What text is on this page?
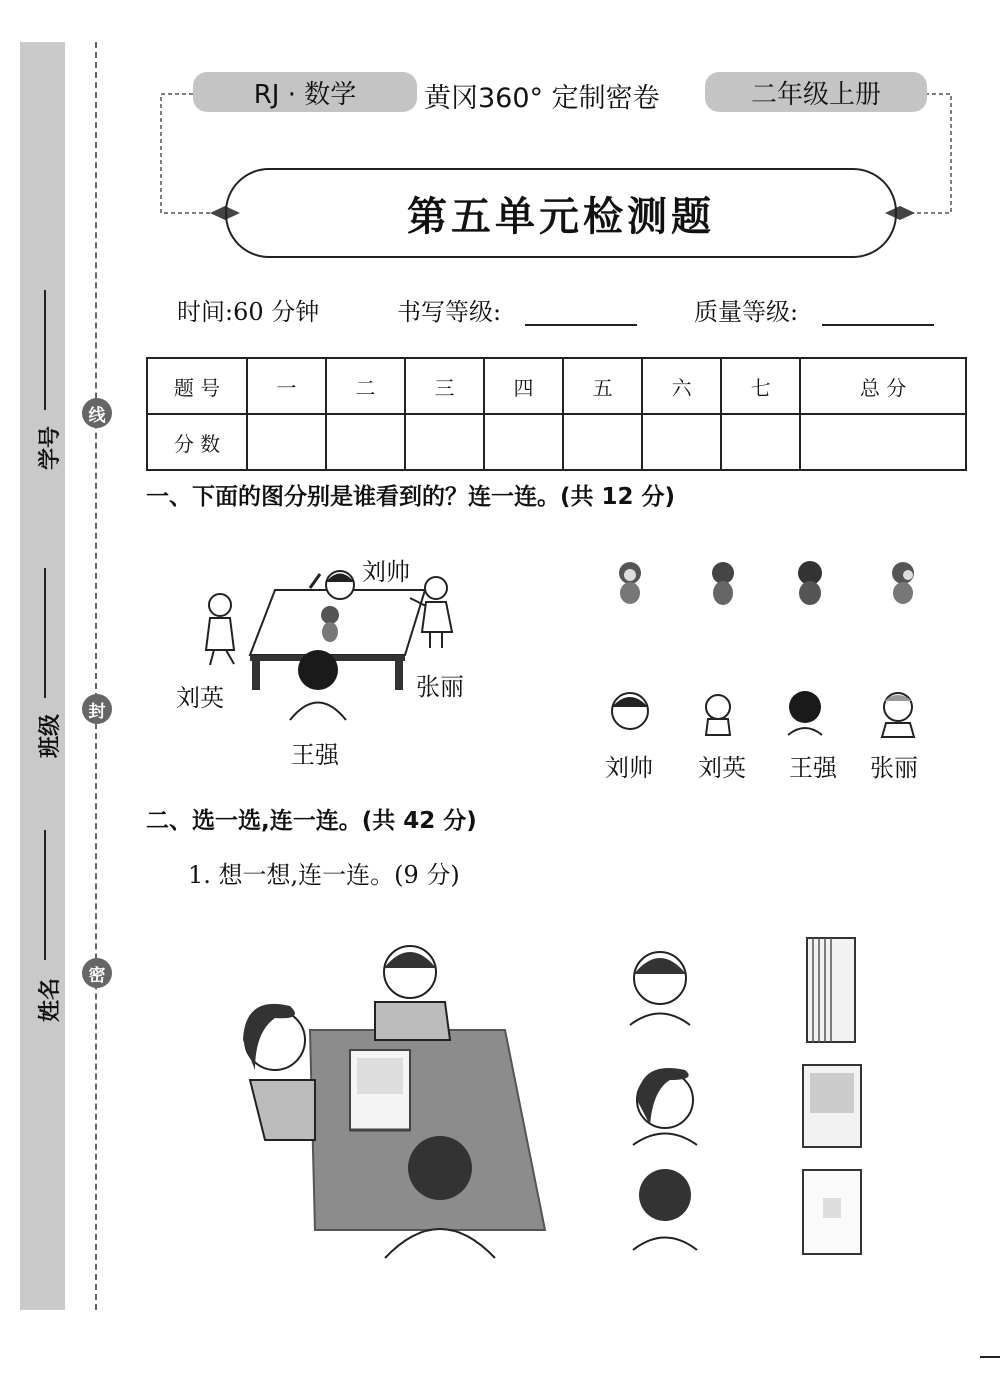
学号
班级
姓名
线
封
密
RJ · 数学	黄冈360° 定制密卷	二年级上册
第五单元检测题
时间:60 分钟	书写等级:	质量等级:
题 号	一	二	三	四	五	六	七	总 分
分 数								
一、下面的图分别是谁看到的？连一连。(共 12 分)
刘帅
刘英	张丽
王强	刘帅 刘英 王强 张丽
二、选一选,连一连。(共 42 分)
1. 想一想,连一连。(9 分)
